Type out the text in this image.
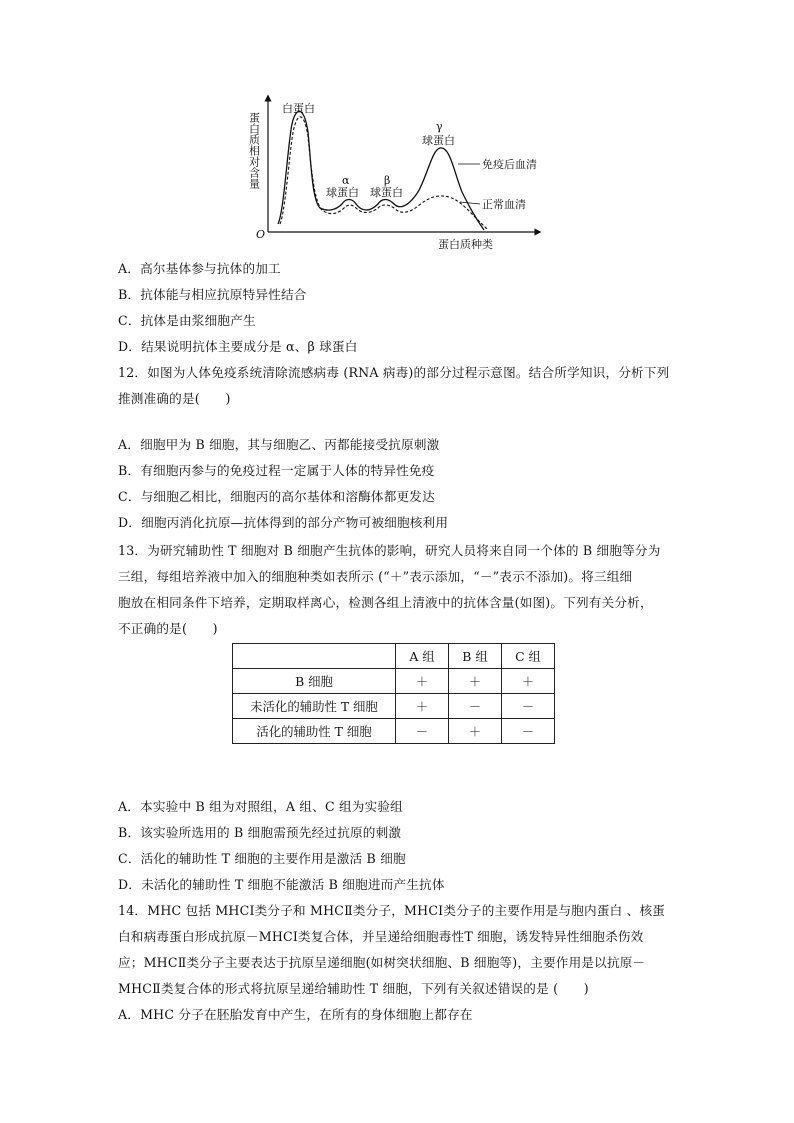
蛋白质相对含量
O
蛋白质种类
白蛋白
α
球蛋白
β
球蛋白
γ
球蛋白
免疫后血清
正常血清
A．高尔基体参与抗体的加工
B．抗体能与相应抗原特异性结合
C．抗体是由浆细胞产生
D．结果说明抗体主要成分是 α、β 球蛋白
12．如图为人体免疫系统清除流感病毒 (RNA 病毒)的部分过程示意图。结合所学知识，分析下列
推测准确的是(　　)
A．细胞甲为 B 细胞，其与细胞乙、丙都能接受抗原刺激
B．有细胞丙参与的免疫过程一定属于人体的特异性免疫
C．与细胞乙相比，细胞丙的高尔基体和溶酶体都更发达
D．细胞丙消化抗原—抗体得到的部分产物可被细胞核利用
13．为研究辅助性 T 细胞对 B 细胞产生抗体的影响，研究人员将来自同一个体的 B 细胞等分为
三组，每组培养液中加入的细胞种类如表所示 (“＋”表示添加，“－”表示不添加)。将三组细
胞放在相同条件下培养，定期取样离心，检测各组上清液中的抗体含量(如图)。下列有关分析，
不正确的是(　　)
	A 组	B 组	C 组
B 细胞	＋	＋	＋
未活化的辅助性 T 细胞	＋	－	－
活化的辅助性 T 细胞	－	＋	－
A．本实验中 B 组为对照组，A 组、C 组为实验组
B．该实验所选用的 B 细胞需预先经过抗原的刺激
C．活化的辅助性 T 细胞的主要作用是激活 B 细胞
D．未活化的辅助性 T 细胞不能激活 B 细胞进而产生抗体
14．MHC 包括 MHCⅠ类分子和 MHCⅡ类分子，MHCⅠ类分子的主要作用是与胞内蛋白 、核蛋
白和病毒蛋白形成抗原－MHCⅠ类复合体，并呈递给细胞毒性T 细胞，诱发特异性细胞杀伤效
应；MHCⅡ类分子主要表达于抗原呈递细胞(如树突状细胞、B 细胞等)，主要作用是以抗原－
MHCⅡ类复合体的形式将抗原呈递给辅助性 T 细胞，下列有关叙述错误的是 (　　)
A．MHC 分子在胚胎发育中产生，在所有的身体细胞上都存在
